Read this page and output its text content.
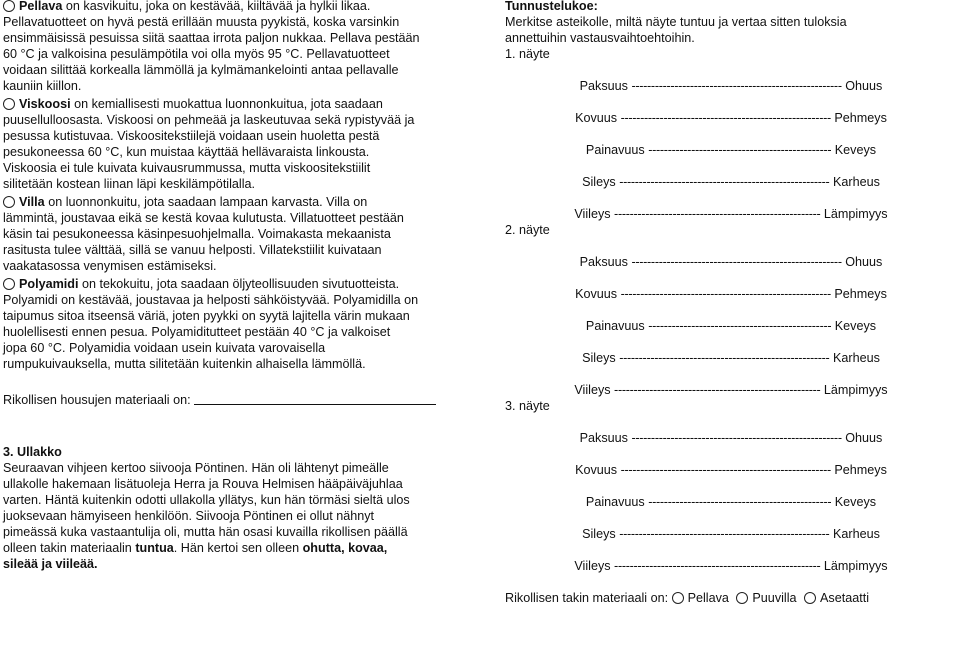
Pellava on kasvikuitu, joka on kestävää, kiiltävää ja hylkii likaa.

Pellavatuotteet on hyvä pestä erillään muusta pyykistä, koska varsinkin

ensimmäisissä pesuissa siitä saattaa irrota paljon nukkaa. Pellava pestään

60 °C ja valkoisina pesulämpötila voi olla myös 95 °C. Pellavatuotteet

voidaan silittää korkealla lämmöllä ja kylmämankelointi antaa pellavalle

kauniin kiillon.

Viskoosi on kemiallisesti muokattua luonnonkuitua, jota saadaan

puusellulloosasta. Viskoosi on pehmeää ja laskeutuvaa sekä rypistyvää ja

pesussa kutistuvaa. Viskoositekstiilejä voidaan usein huoletta pestä

pesukoneessa 60 °C, kun muistaa käyttää hellävaraista linkousta.

Viskoosia ei tule kuivata kuivausrummussa, mutta viskoositekstiilit

silitetään kostean liinan läpi keskilämpötilalla.

Villa on luonnonkuitu, jota saadaan lampaan karvasta. Villa on

lämmintä, joustavaa eikä se kestä kovaa kulutusta. Villatuotteet pestään

käsin tai pesukoneessa käsinpesuohjelmalla. Voimakasta mekaanista

rasitusta tulee välttää, sillä se vanuu helposti. Villatekstiilit kuivataan

vaakatasossa venymisen estämiseksi.

Polyamidi on tekokuitu, jota saadaan öljyteollisuuden sivutuotteista.

Polyamidi on kestävää, joustavaa ja helposti sähköistyvää. Polyamidilla on

taipumus sitoa itseensä väriä, joten pyykki on syytä lajitella värin mukaan

huolellisesti ennen pesua. Polyamiditutteet pestään 40 °C ja valkoiset

jopa 60 °C. Polyamidia voidaan usein kuivata varovaisella

rumpukuivauksella, mutta silitetään kuitenkin alhaisella lämmöllä.

Rikollisen housujen materiaali on:

3. Ullakko

Seuraavan vihjeen kertoo siivooja Pöntinen. Hän oli lähtenyt pimeälle

ullakolle hakemaan lisätuoleja Herra ja Rouva Helmisen hääpäiväjuhlaa

varten. Häntä kuitenkin odotti ullakolla yllätys, kun hän törmäsi sieltä ulos

juoksevaan hämyiseen henkilöön. Siivooja Pöntinen ei ollut nähnyt

pimeässä kuka vastaantulija oli, mutta hän osasi kuvailla rikollisen päällä

olleen takin materiaalin tuntua. Hän kertoi sen olleen ohutta, kovaa,

sileää ja viileää.

Tunnustelukoe:

Merkitse asteikolle, miltä näyte tuntuu ja vertaa sitten tuloksia

annettuihin vastausvaihtoehtoihin.

1. näyte

Paksuus ------------------------------------------------------ Ohuus

Kovuus ------------------------------------------------------ Pehmeys

Painavuus ----------------------------------------------- Keveys

Sileys ------------------------------------------------------ Karheus

Viileys ----------------------------------------------------- Lämpimyys

2. näyte

Paksuus ------------------------------------------------------ Ohuus

Kovuus ------------------------------------------------------ Pehmeys

Painavuus ----------------------------------------------- Keveys

Sileys ------------------------------------------------------ Karheus

Viileys ----------------------------------------------------- Lämpimyys

3. näyte

Paksuus ------------------------------------------------------ Ohuus

Kovuus ------------------------------------------------------ Pehmeys

Painavuus ----------------------------------------------- Keveys

Sileys ------------------------------------------------------ Karheus

Viileys ----------------------------------------------------- Lämpimyys

Rikollisen takin materiaali on: Pellava Puuvilla Asetaatti
